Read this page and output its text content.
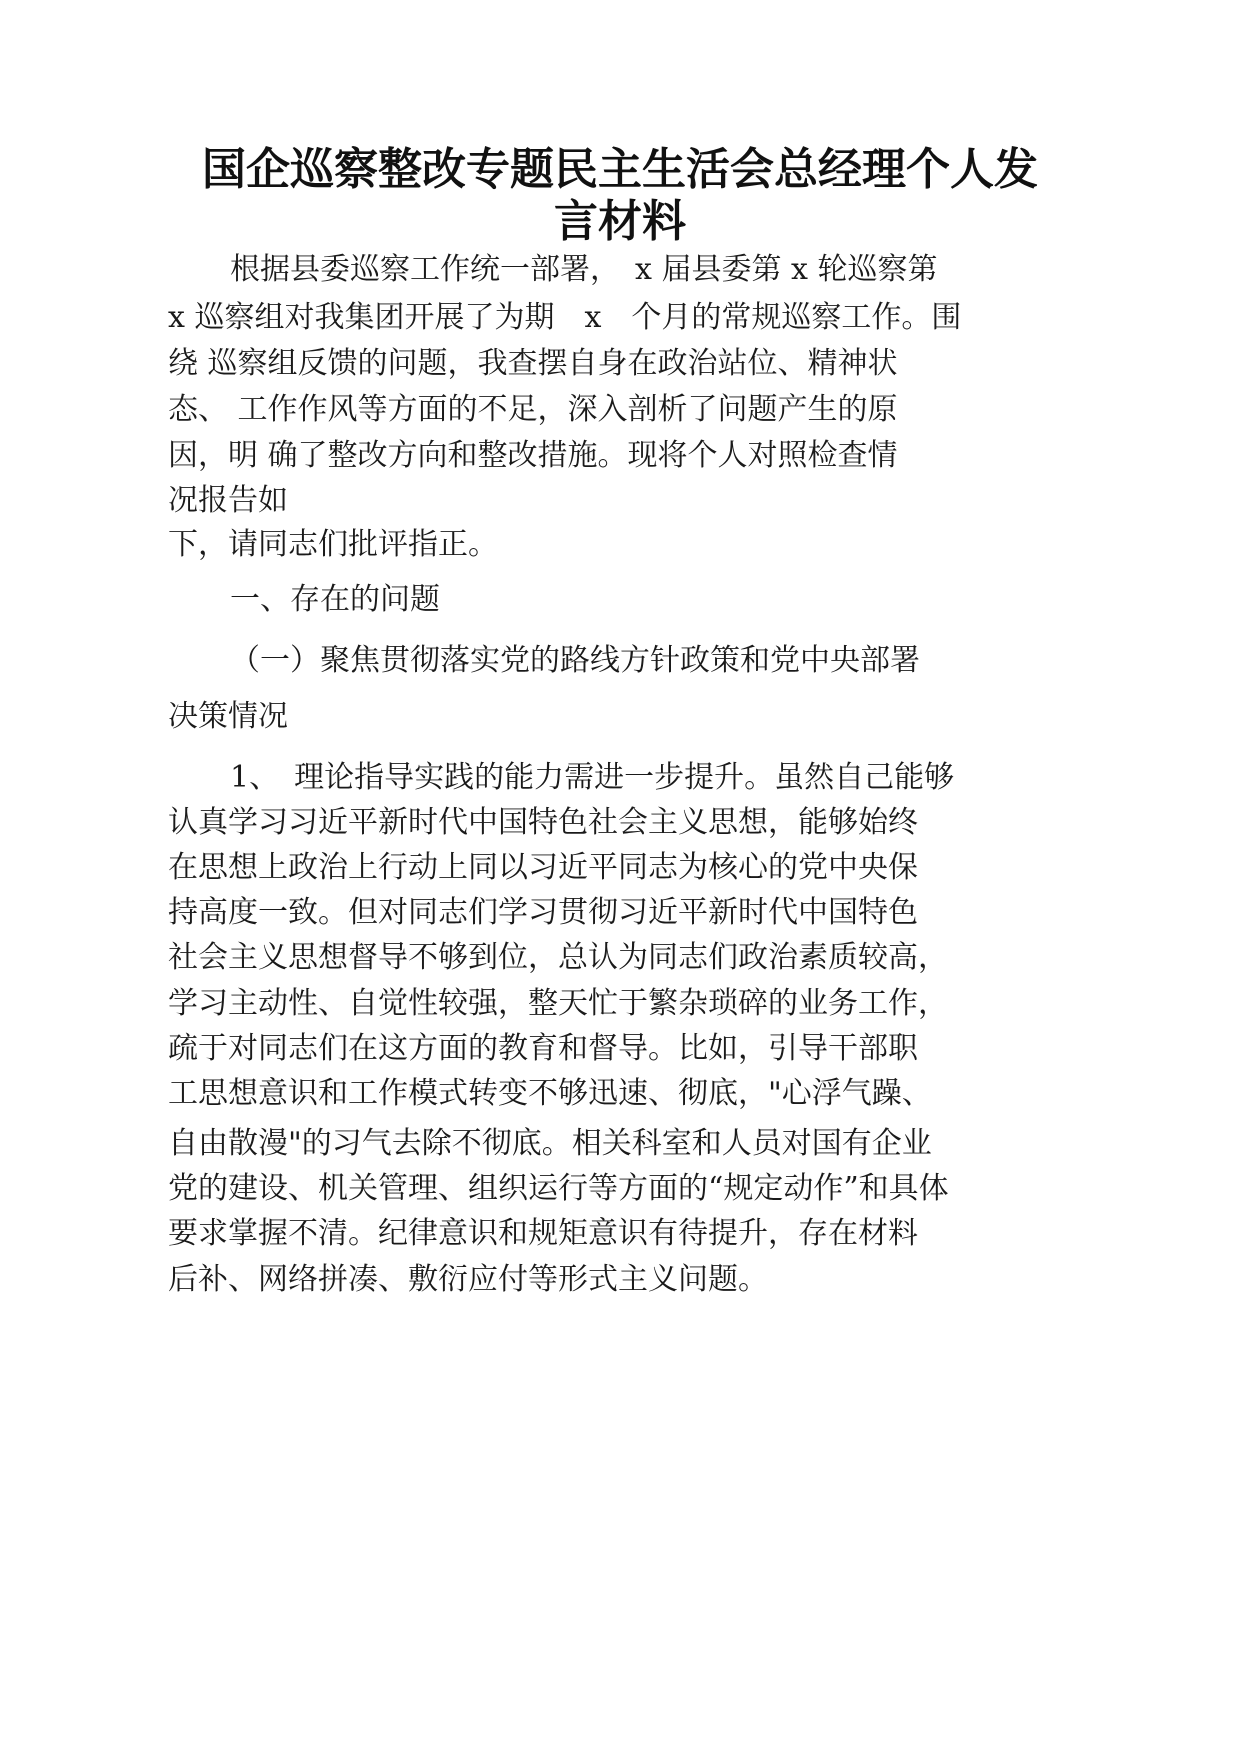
国企巡察整改专题民主生活会总经理个人发
言材料

根据县委巡察工作统一部署，　x 届县委第 x 轮巡察第

x 巡察组对我集团开展了为期　x　个月的常规巡察工作。围

绕 巡察组反馈的问题，我查摆自身在政治站位、精神状

态、 工作作风等方面的不足，深入剖析了问题产生的原

因，明 确了整改方向和整改措施。现将个人对照检查情

况报告如

下，请同志们批评指正。

一、存在的问题

（一）聚焦贯彻落实党的路线方针政策和党中央部署

决策情况

1、　理论指导实践的能力需进一步提升。虽然自己能够

认真学习习近平新时代中国特色社会主义思想，能够始终

在思想上政治上行动上同以习近平同志为核心的党中央保

持高度一致。但对同志们学习贯彻习近平新时代中国特色

社会主义思想督导不够到位，总认为同志们政治素质较高，

学习主动性、自觉性较强，整天忙于繁杂琐碎的业务工作，

疏于对同志们在这方面的教育和督导。比如，引导干部职

工思想意识和工作模式转变不够迅速、彻底，"心浮气躁、

自由散漫"的习气去除不彻底。相关科室和人员对国有企业

党的建设、机关管理、组织运行等方面的“规定动作”和具体

要求掌握不清。纪律意识和规矩意识有待提升，存在材料

后补、网络拼凑、敷衍应付等形式主义问题。
